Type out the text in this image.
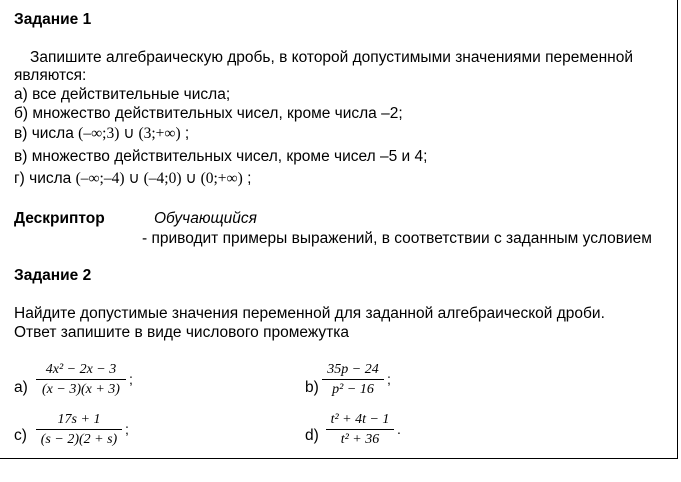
Задание 1
Запишите алгебраическую дробь, в которой допустимыми значениями переменной
являются:
а) все действительные числа;
б) множество действительных чисел, кроме числа –2;
в) числа (–∞;3) ∪ (3;+∞) ;
в) множество действительных чисел, кроме чисел –5 и 4;
г) числа (–∞;–4) ∪ (–4;0) ∪ (0;+∞) ;
Дескриптор	Обучающийся
- приводит примеры выражений, в соответствии с заданным условием
Задание 2
Найдите допустимые значения переменной для заданной алгебраической дроби.
Ответ запишите в виде числового промежутка
а)
4x² − 2x − 3
(x − 3)(x + 3)
;	b)
35p − 24
p² − 16
;
c)
17s + 1
(s − 2)(2 + s)
;	d)
t² + 4t − 1
t² + 36
.
